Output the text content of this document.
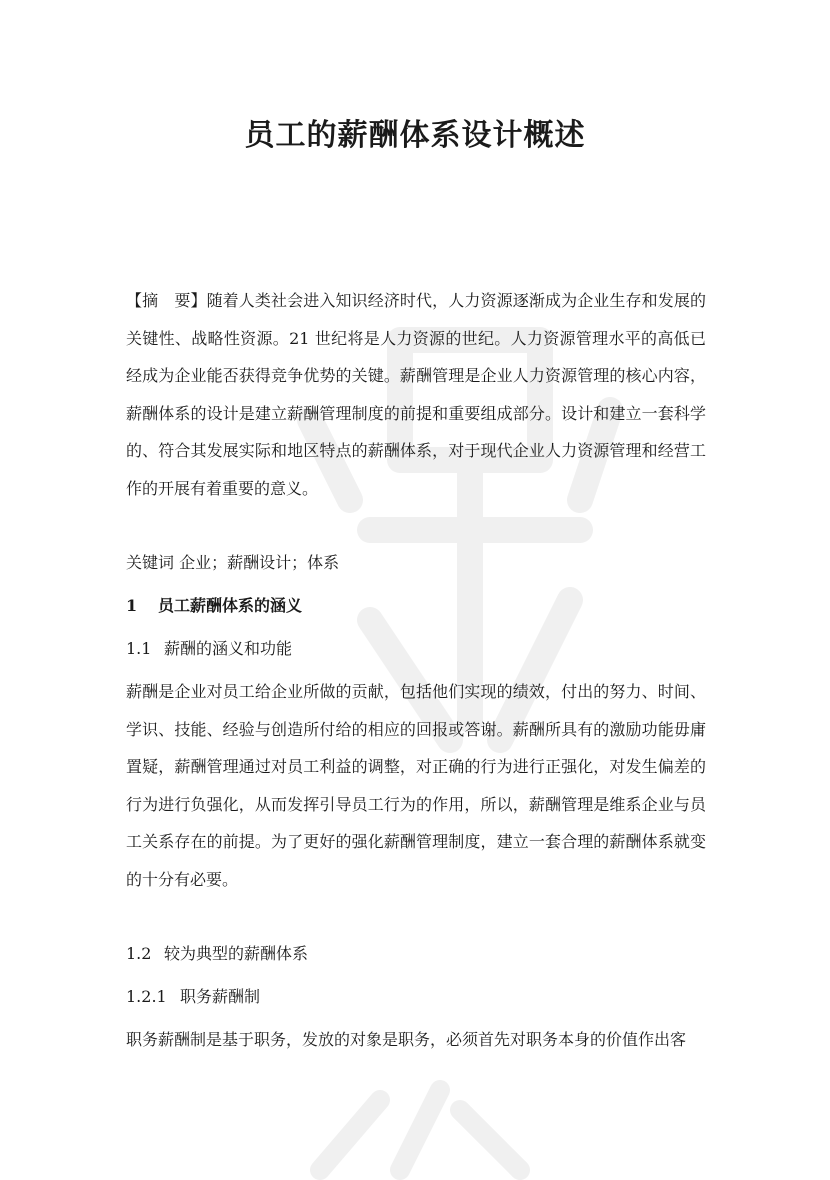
员工的薪酬体系设计概述
【摘　要】随着人类社会进入知识经济时代，人力资源逐渐成为企业生存和发展的关键性、战略性资源。21 世纪将是人力资源的世纪。人力资源管理水平的高低已经成为企业能否获得竞争优势的关键。薪酬管理是企业人力资源管理的核心内容，薪酬体系的设计是建立薪酬管理制度的前提和重要组成部分。设计和建立一套科学的、符合其发展实际和地区特点的薪酬体系，对于现代企业人力资源管理和经营工作的开展有着重要的意义。
关键词 企业；薪酬设计；体系
1 员工薪酬体系的涵义
1.1 薪酬的涵义和功能
薪酬是企业对员工给企业所做的贡献，包括他们实现的绩效，付出的努力、时间、学识、技能、经验与创造所付给的相应的回报或答谢。薪酬所具有的激励功能毋庸置疑，薪酬管理通过对员工利益的调整，对正确的行为进行正强化，对发生偏差的行为进行负强化，从而发挥引导员工行为的作用，所以，薪酬管理是维系企业与员工关系存在的前提。为了更好的强化薪酬管理制度，建立一套合理的薪酬体系就变的十分有必要。
1.2 较为典型的薪酬体系
1.2.1 职务薪酬制
职务薪酬制是基于职务，发放的对象是职务，必须首先对职务本身的价值作出客
